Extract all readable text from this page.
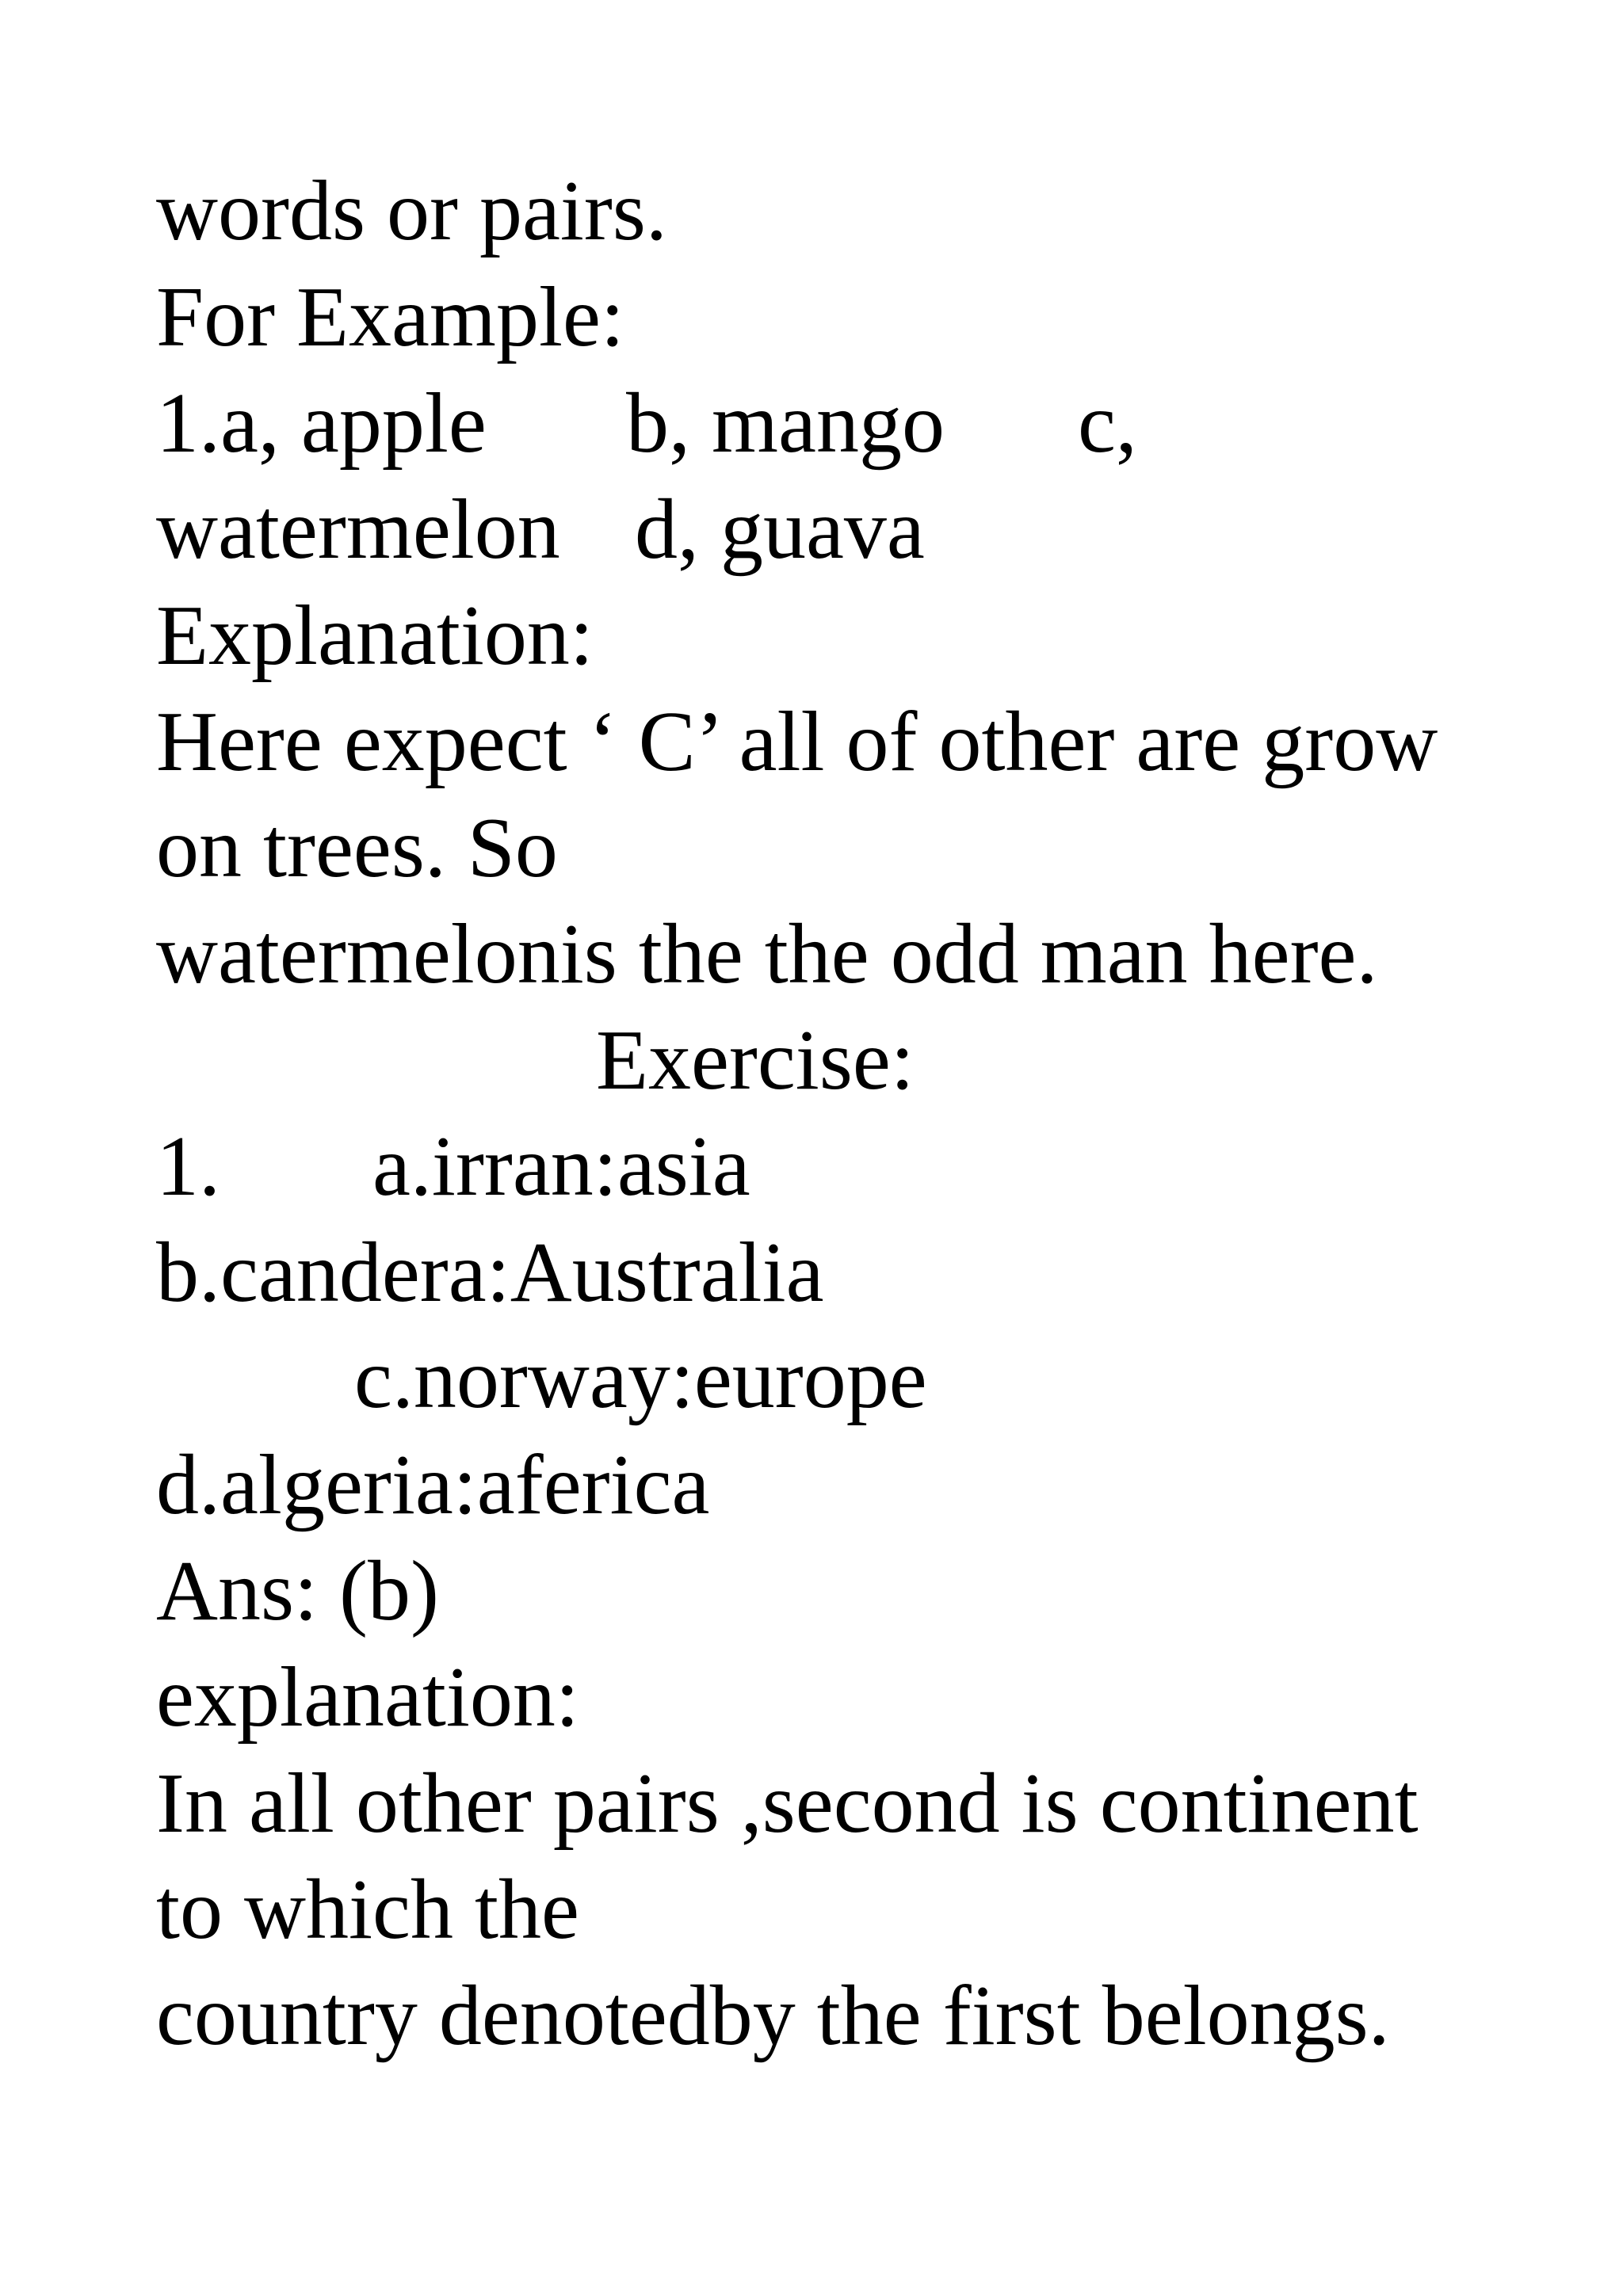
words or pairs.

For Example:

1.a, apple

b, mango

c,

watermelon

d, guava

Explanation:

Here expect ‘ C’ all of other are grow

on trees. So

watermelonis the the odd man here.

Exercise:

1.

a.irran:asia

b.candera:Australia

c.norway:europe

d.algeria:aferica

Ans: (b)

explanation:

In all other pairs ,second is continent

to which the

country denotedby the first belongs.
